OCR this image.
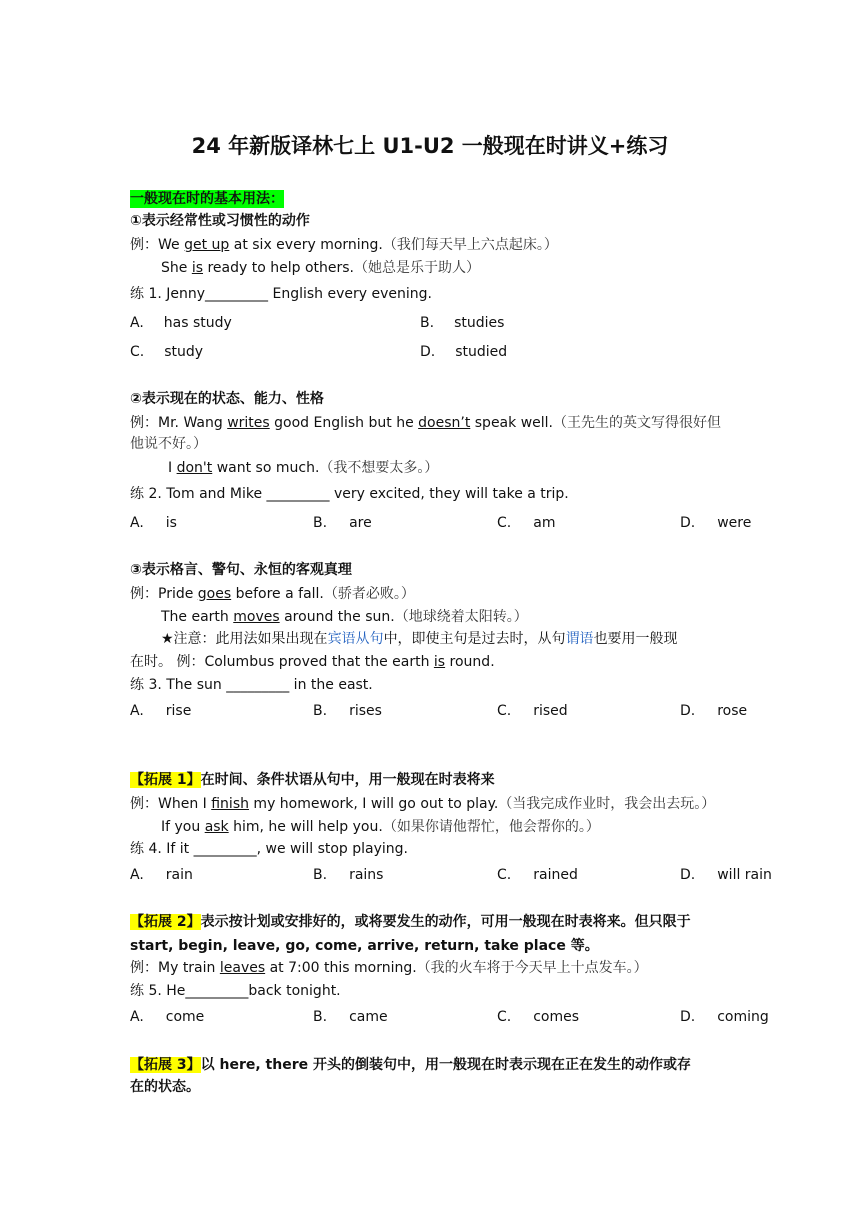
24 年新版译林七上 U1-U2 一般现在时讲义+练习
一般现在时的基本用法：
①表示经常性或习惯性的动作
例：We get up at six every morning.（我们每天早上六点起床。）
She is ready to help others.（她总是乐于助人）
练 1. Jenny_________ English every evening.
A. has study	B. studies
C. study	D. studied
②表示现在的状态、能力、性格
例：Mr. Wang writes good English but he doesn’t speak well.（王先生的英文写得很好但
他说不好。）
I don't want so much.（我不想要太多。）
练 2. Tom and Mike _________ very excited, they will take a trip.
A. is	B. are	C. am	D. were
③表示格言、警句、永恒的客观真理
例：Pride goes before a fall.（骄者必败。）
The earth moves around the sun.（地球绕着太阳转。）
★注意：此用法如果出现在宾语从句中，即使主句是过去时，从句谓语也要用一般现
在时。 例：Columbus proved that the earth is round.
练 3. The sun _________ in the east.
A. rise	B. rises	C. rised	D. rose
【拓展 1】在时间、条件状语从句中，用一般现在时表将来
例：When I finish my homework, I will go out to play.（当我完成作业时，我会出去玩。）
If you ask him, he will help you.（如果你请他帮忙，他会帮你的。）
练 4. If it _________, we will stop playing.
A. rain	B. rains	C. rained	D. will rain
【拓展 2】表示按计划或安排好的，或将要发生的动作，可用一般现在时表将来。但只限于
start, begin, leave, go, come, arrive, return, take place 等。
例：My train leaves at 7:00 this morning.（我的火车将于今天早上十点发车。）
练 5. He_________back tonight.
A. come	B. came	C. comes	D. coming
【拓展 3】以 here, there 开头的倒装句中，用一般现在时表示现在正在发生的动作或存
在的状态。
